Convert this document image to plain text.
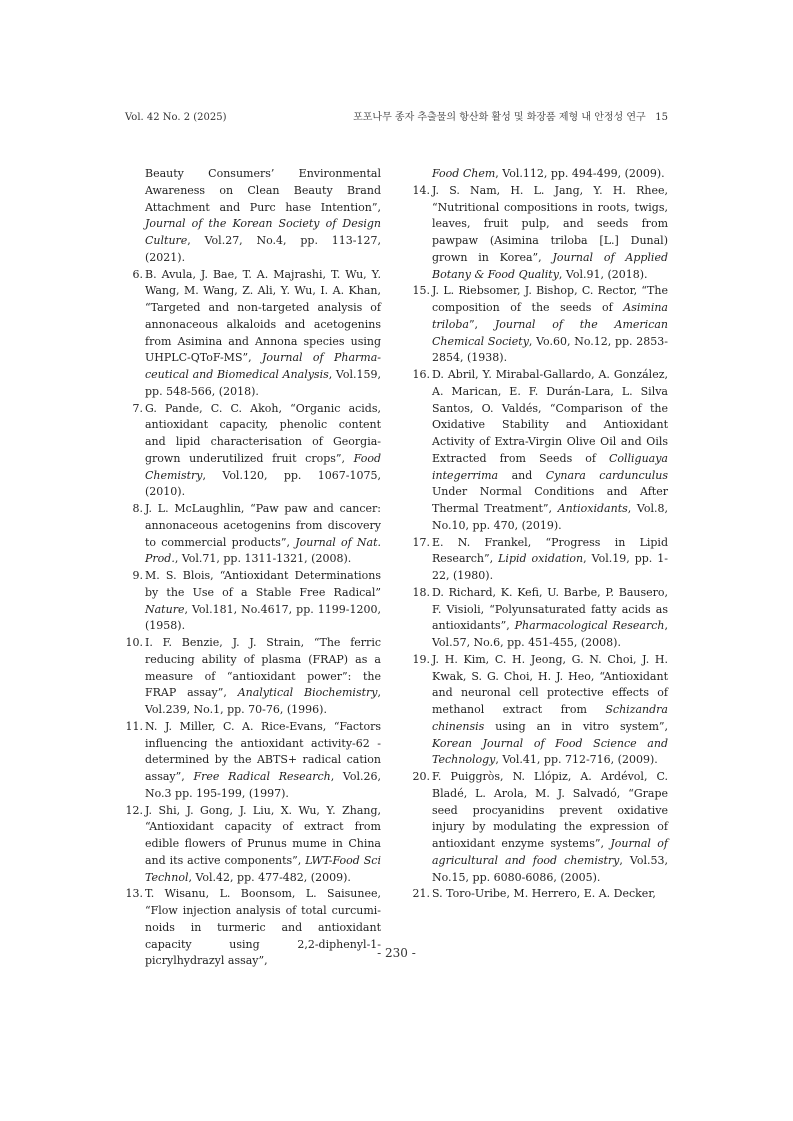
Vol. 42 No. 2 (2025)	포포나무 종자 추출물의 항산화 활성 및 화장품 제형 내 안정성 연구 15
Beauty Consumers’ Environmental Awareness on Clean Beauty Brand Attachment and Purc hase Intention”, Journal of the Korean Society of Design Culture, Vol.27, No.4, pp. 113-127, (2021).
6. B. Avula, J. Bae, T. A. Majrashi, T. Wu, Y. Wang, M. Wang, Z. Ali, Y. Wu, I. A. Khan, “Targeted and non-targeted analysis of annonaceous alkaloids and acetogenins from Asimina and Annona species using UHPLC-QToF-MS”, Journal of Pharma-ceutical and Biomedical Analysis, Vol.159, pp. 548-566, (2018).
7. G. Pande, C. C. Akoh, “Organic acids, antioxidant capacity, phenolic content and lipid characterisation of Georgia-grown underutilized fruit crops”, Food Chemistry, Vol.120, pp. 1067-1075, (2010).
8. J. L. McLaughlin, “Paw paw and cancer: annonaceous acetogenins from discovery to commercial products”, Journal of Nat. Prod., Vol.71, pp. 1311-1321, (2008).
9. M. S. Blois, “Antioxidant Determinations by the Use of a Stable Free Radical” Nature, Vol.181, No.4617, pp. 1199-1200, (1958).
10. I. F. Benzie, J. J. Strain, “The ferric reducing ability of plasma (FRAP) as a measure of “antioxidant power”: the FRAP assay”, Analytical Biochemistry, Vol.239, No.1, pp. 70-76, (1996).
11. N. J. Miller, C. A. Rice-Evans, “Factors influencing the antioxidant activity-62 -determined by the ABTS+ radical cation assay”, Free Radical Research, Vol.26, No.3 pp. 195-199, (1997).
12. J. Shi, J. Gong, J. Liu, X. Wu, Y. Zhang, “Antioxidant capacity of extract from edible flowers of Prunus mume in China and its active components”, LWT-Food Sci Technol, Vol.42, pp. 477-482, (2009).
13. T. Wisanu, L. Boonsom, L. Saisunee, “Flow injection analysis of total curcumi-noids in turmeric and antioxidant capacity using 2,2-diphenyl-1-picrylhydrazyl assay”,
Food Chem, Vol.112, pp. 494-499, (2009).
14. J. S. Nam, H. L. Jang, Y. H. Rhee, “Nutritional compositions in roots, twigs, leaves, fruit pulp, and seeds from pawpaw (Asimina triloba [L.] Dunal) grown in Korea”, Journal of Applied Botany & Food Quality, Vol.91, (2018).
15. J. L. Riebsomer, J. Bishop, C. Rector, “The composition of the seeds of Asimina triloba”, Journal of the American Chemical Society, Vo.60, No.12, pp. 2853-2854, (1938).
16. D. Abril, Y. Mirabal-Gallardo, A. González, A. Marican, E. F. Durán-Lara, L. Silva Santos, O. Valdés, “Comparison of the Oxidative Stability and Antioxidant Activity of Extra-Virgin Olive Oil and Oils Extracted from Seeds of Colliguaya integerrima and Cynara cardunculus Under Normal Conditions and After Thermal Treatment”, Antioxidants, Vol.8, No.10, pp. 470, (2019).
17. E. N. Frankel, “Progress in Lipid Research”, Lipid oxidation, Vol.19, pp. 1-22, (1980).
18. D. Richard, K. Kefi, U. Barbe, P. Bausero, F. Visioli, “Polyunsaturated fatty acids as antioxidants”, Pharmacological Research, Vol.57, No.6, pp. 451-455, (2008).
19. J. H. Kim, C. H. Jeong, G. N. Choi, J. H. Kwak, S. G. Choi, H. J. Heo, “Antioxidant and neuronal cell protective effects of methanol extract from Schizandra chinensis using an in vitro system”, Korean Journal of Food Science and Technology, Vol.41, pp. 712-716, (2009).
20. F. Puiggròs, N. Llópiz, A. Ardévol, C. Bladé, L. Arola, M. J. Salvadó, “Grape seed procyanidins prevent oxidative injury by modulating the expression of antioxidant enzyme systems”, Journal of agricultural and food chemistry, Vol.53, No.15, pp. 6080-6086, (2005).
21. S. Toro-Uribe, M. Herrero, E. A. Decker,
- 230 -
